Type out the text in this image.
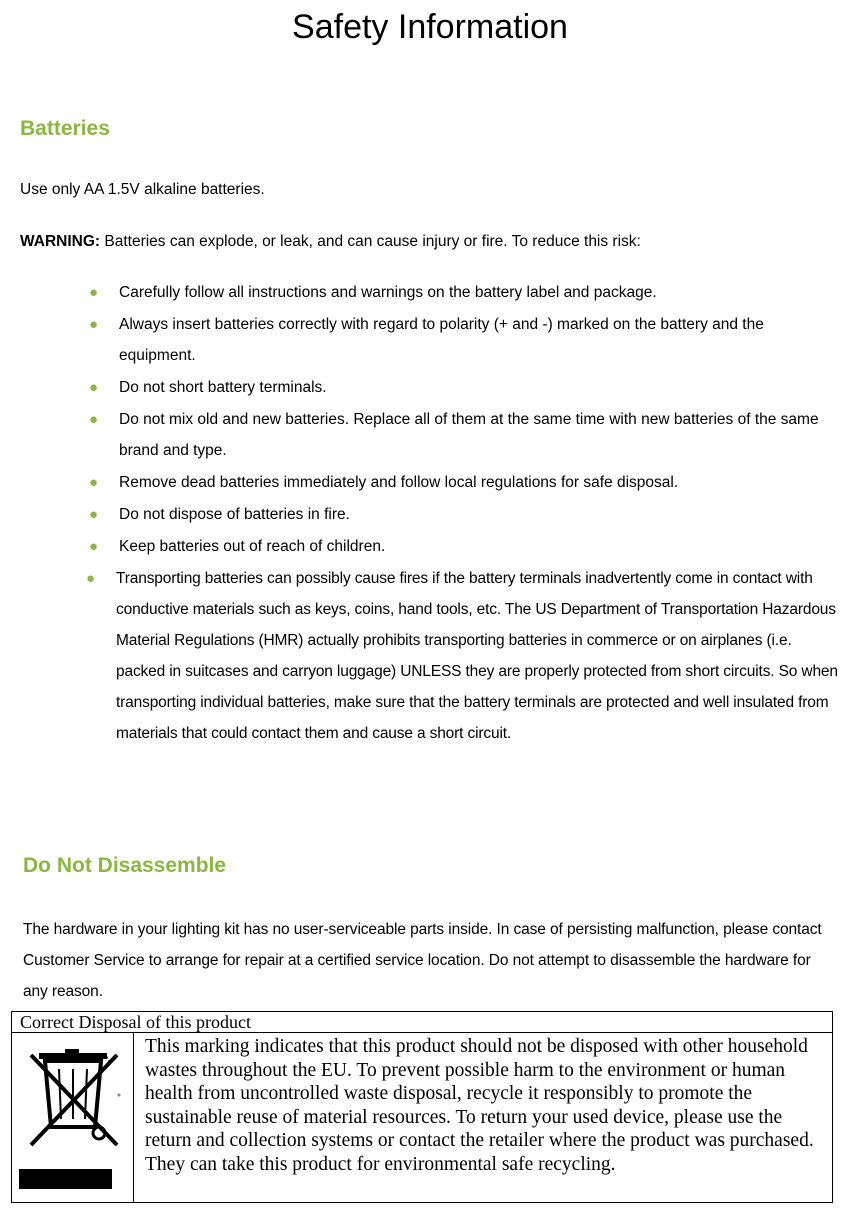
Safety Information
Batteries
Use only AA 1.5V alkaline batteries.
WARNING: Batteries can explode, or leak, and can cause injury or fire. To reduce this risk:
● Carefully follow all instructions and warnings on the battery label and package.
● Always insert batteries correctly with regard to polarity (+ and -) marked on the battery and the equipment.
● Do not short battery terminals.
● Do not mix old and new batteries. Replace all of them at the same time with new batteries of the same brand and type.
● Remove dead batteries immediately and follow local regulations for safe disposal.
● Do not dispose of batteries in fire.
● Keep batteries out of reach of children.
● Transporting batteries can possibly cause fires if the battery terminals inadvertently come in contact with conductive materials such as keys, coins, hand tools, etc. The US Department of Transportation Hazardous Material Regulations (HMR) actually prohibits transporting batteries in commerce or on airplanes (i.e. packed in suitcases and carryon luggage) UNLESS they are properly protected from short circuits. So when transporting individual batteries, make sure that the battery terminals are protected and well insulated from materials that could contact them and cause a short circuit.
Do Not Disassemble
The hardware in your lighting kit has no user-serviceable parts inside. In case of persisting malfunction, please contact Customer Service to arrange for repair at a certified service location. Do not attempt to disassemble the hardware for any reason.
Correct Disposal of this product
This marking indicates that this product should not be disposed with other household wastes throughout the EU. To prevent possible harm to the environment or human health from uncontrolled waste disposal, recycle it responsibly to promote the sustainable reuse of material resources. To return your used device, please use the return and collection systems or contact the retailer where the product was purchased. They can take this product for environmental safe recycling.
